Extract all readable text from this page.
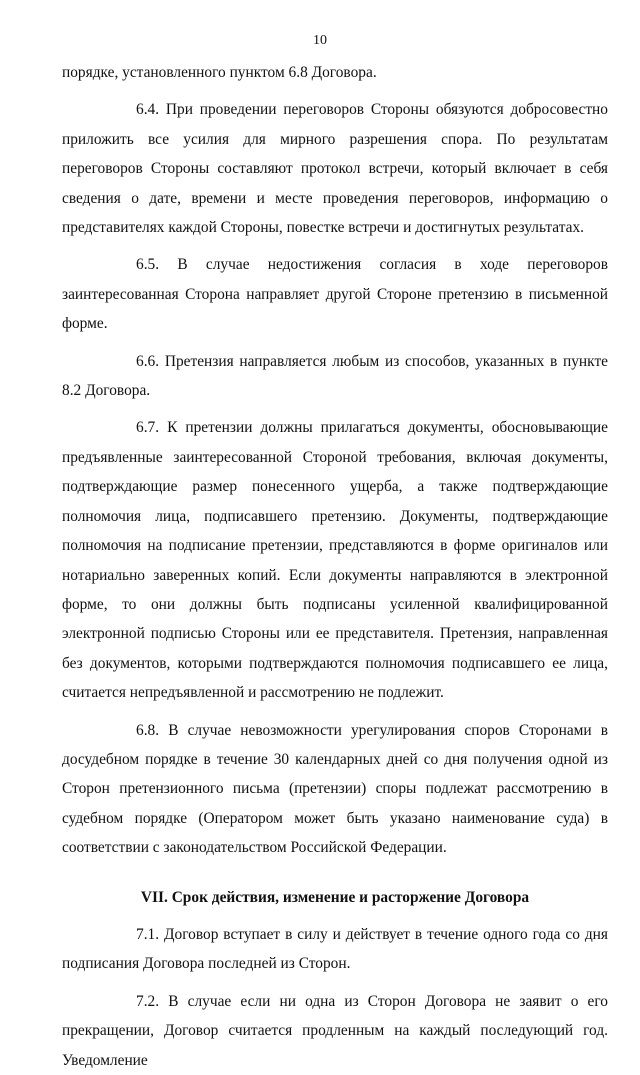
10

порядке, установленного пунктом 6.8 Договора.

6.4. При проведении переговоров Стороны обязуются добросовестно приложить все усилия для мирного разрешения спора. По результатам переговоров Стороны составляют протокол встречи, который включает в себя сведения о дате, времени и месте проведения переговоров, информацию о представителях каждой Стороны, повестке встречи и достигнутых результатах.

6.5. В случае недостижения согласия в ходе переговоров заинтересованная Сторона направляет другой Стороне претензию в письменной форме.

6.6. Претензия направляется любым из способов, указанных в пункте 8.2 Договора.

6.7. К претензии должны прилагаться документы, обосновывающие предъявленные заинтересованной Стороной требования, включая документы, подтверждающие размер понесенного ущерба, а также подтверждающие полномочия лица, подписавшего претензию. Документы, подтверждающие полномочия на подписание претензии, представляются в форме оригиналов или нотариально заверенных копий. Если документы направляются в электронной форме, то они должны быть подписаны усиленной квалифицированной электронной подписью Стороны или ее представителя. Претензия, направленная без документов, которыми подтверждаются полномочия подписавшего ее лица, считается непредъявленной и рассмотрению не подлежит.

6.8. В случае невозможности урегулирования споров Сторонами в досудебном порядке в течение 30 календарных дней со дня получения одной из Сторон претензионного письма (претензии) споры подлежат рассмотрению в судебном порядке (Оператором может быть указано наименование суда) в соответствии с законодательством Российской Федерации.

VII. Срок действия, изменение и расторжение Договора

7.1. Договор вступает в силу и действует в течение одного года со дня подписания Договора последней из Сторон.

7.2. В случае если ни одна из Сторон Договора не заявит о его прекращении, Договор считается продленным на каждый последующий год. Уведомление
